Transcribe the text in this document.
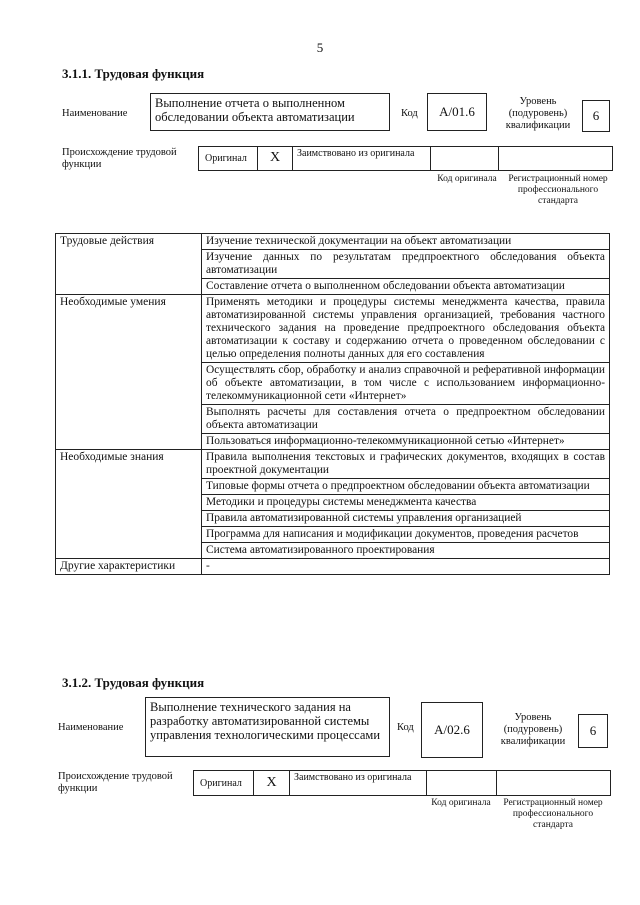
5
3.1.1. Трудовая функция
Наименование
Выполнение отчета о выполненном обследовании объекта автоматизации	Код	A/01.6
Уровень (подуровень) квалификации
6
Происхождение трудовой функции
Оригинал	X	Заимствовано из оригинала
Код оригинала	Регистрационный номер профессионального стандарта
Трудовые действия	Изучение технической документации на объект автоматизации
	Изучение данных по результатам предпроектного обследования объекта автоматизации
	Составление отчета о выполненном обследовании объекта автоматизации
Необходимые умения	Применять методики и процедуры системы менеджмента качества, правила автоматизированной системы управления организацией, требования частного технического задания на проведение предпроектного обследования объекта автоматизации к составу и содержанию отчета о проведенном обследовании с целью определения полноты данных для его составления
	Осуществлять сбор, обработку и анализ справочной и реферативной информации об объекте автоматизации, в том числе с использованием информационно-телекоммуникационной сети «Интернет»
	Выполнять расчеты для составления отчета о предпроектном обследовании объекта автоматизации
	Пользоваться информационно-телекоммуникационной сетью «Интернет»
Необходимые знания	Правила выполнения текстовых и графических документов, входящих в состав проектной документации
	Типовые формы отчета о предпроектном обследовании объекта автоматизации
	Методики и процедуры системы менеджмента качества
	Правила автоматизированной системы управления организацией
	Программа для написания и модификации документов, проведения расчетов
	Система автоматизированного проектирования
Другие характеристики	-
3.1.2. Трудовая функция
Наименование
Выполнение технического задания на разработку автоматизированной системы управления технологическими процессами
Код	A/02.6
Уровень (подуровень) квалификации
6
Происхождение трудовой функции	Оригинал	X	Заимствовано из оригинала
Код оригинала	Регистрационный номер профессионального стандарта
